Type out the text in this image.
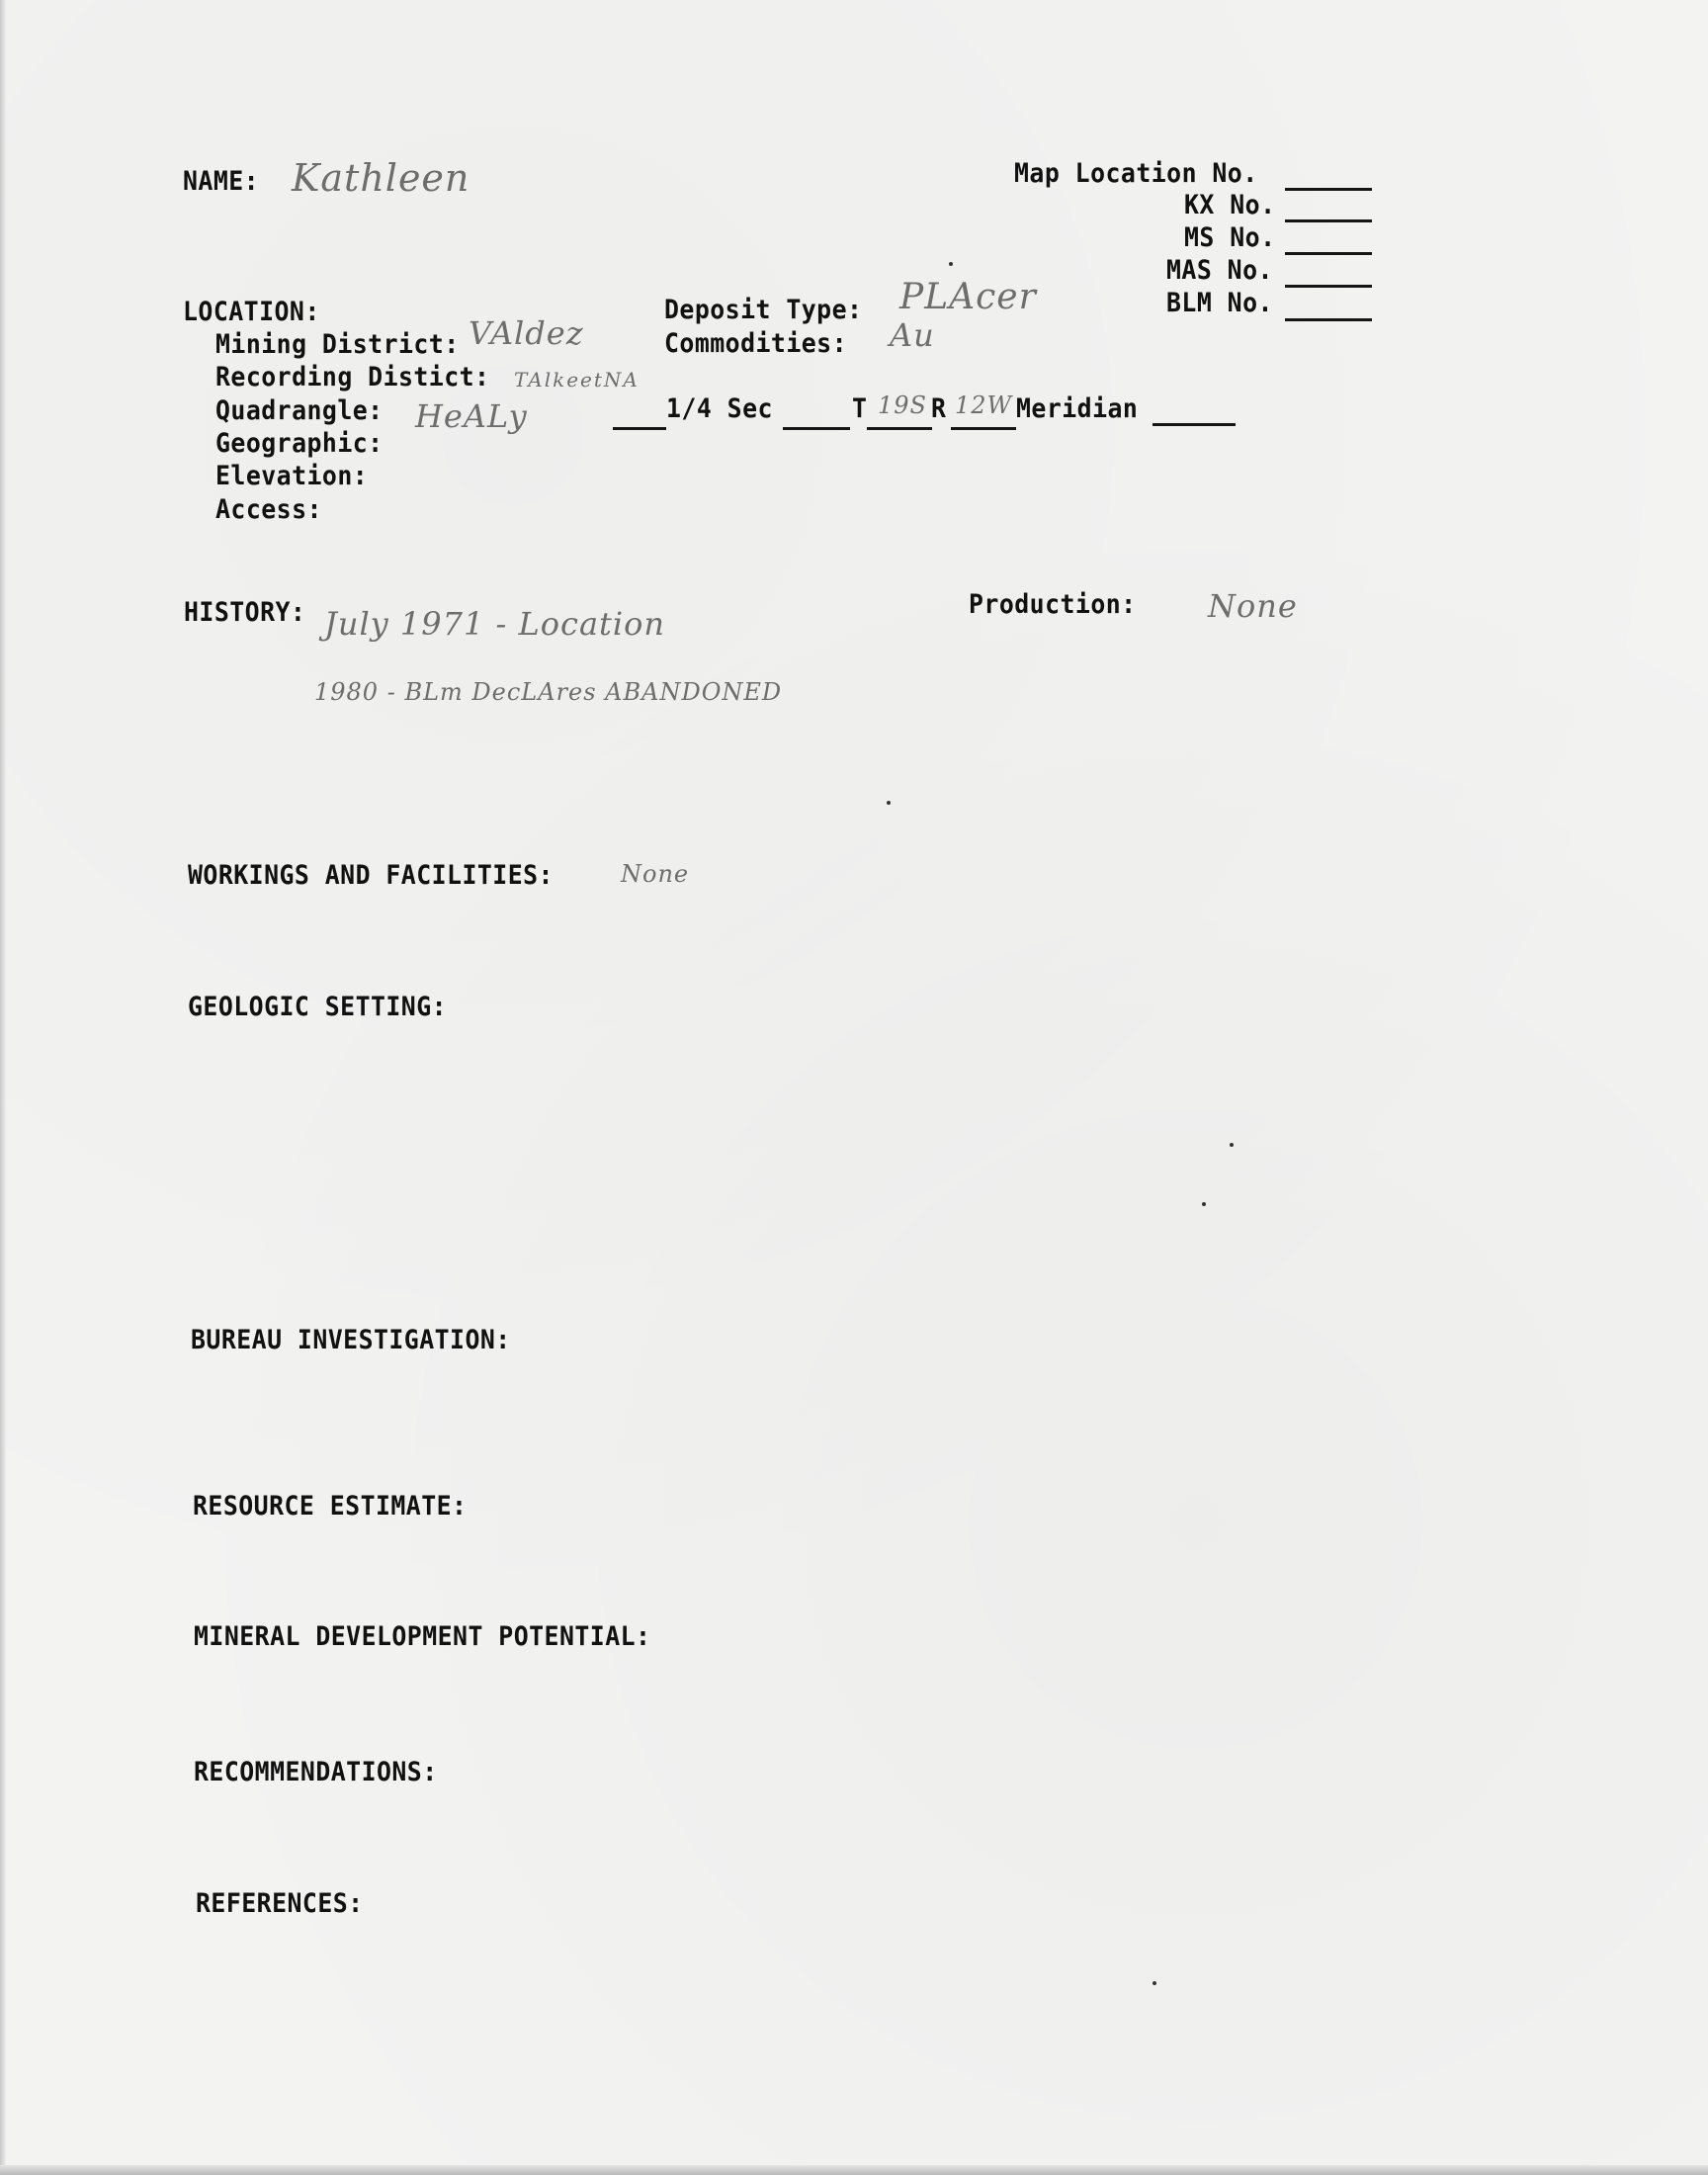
NAME: Kathleen	Map Location No.
KX No.
MS No.
MAS No.
BLM No.
LOCATION:
Mining District: VAldez
Recording Distict: TAlkeetNA
Quadrangle: HeALy
Geographic:
Elevation:
Access:
Deposit Type: PLAcer
Commodities: Au
1/4 Sec	T 19S R 12W Meridian
HISTORY: July 1971 - Location
1980 - BLm DecLAres ABANDONED
Production: None
WORKINGS AND FACILITIES:	None
GEOLOGIC SETTING:
BUREAU INVESTIGATION:
RESOURCE ESTIMATE:
MINERAL DEVELOPMENT POTENTIAL:
RECOMMENDATIONS:
REFERENCES:
